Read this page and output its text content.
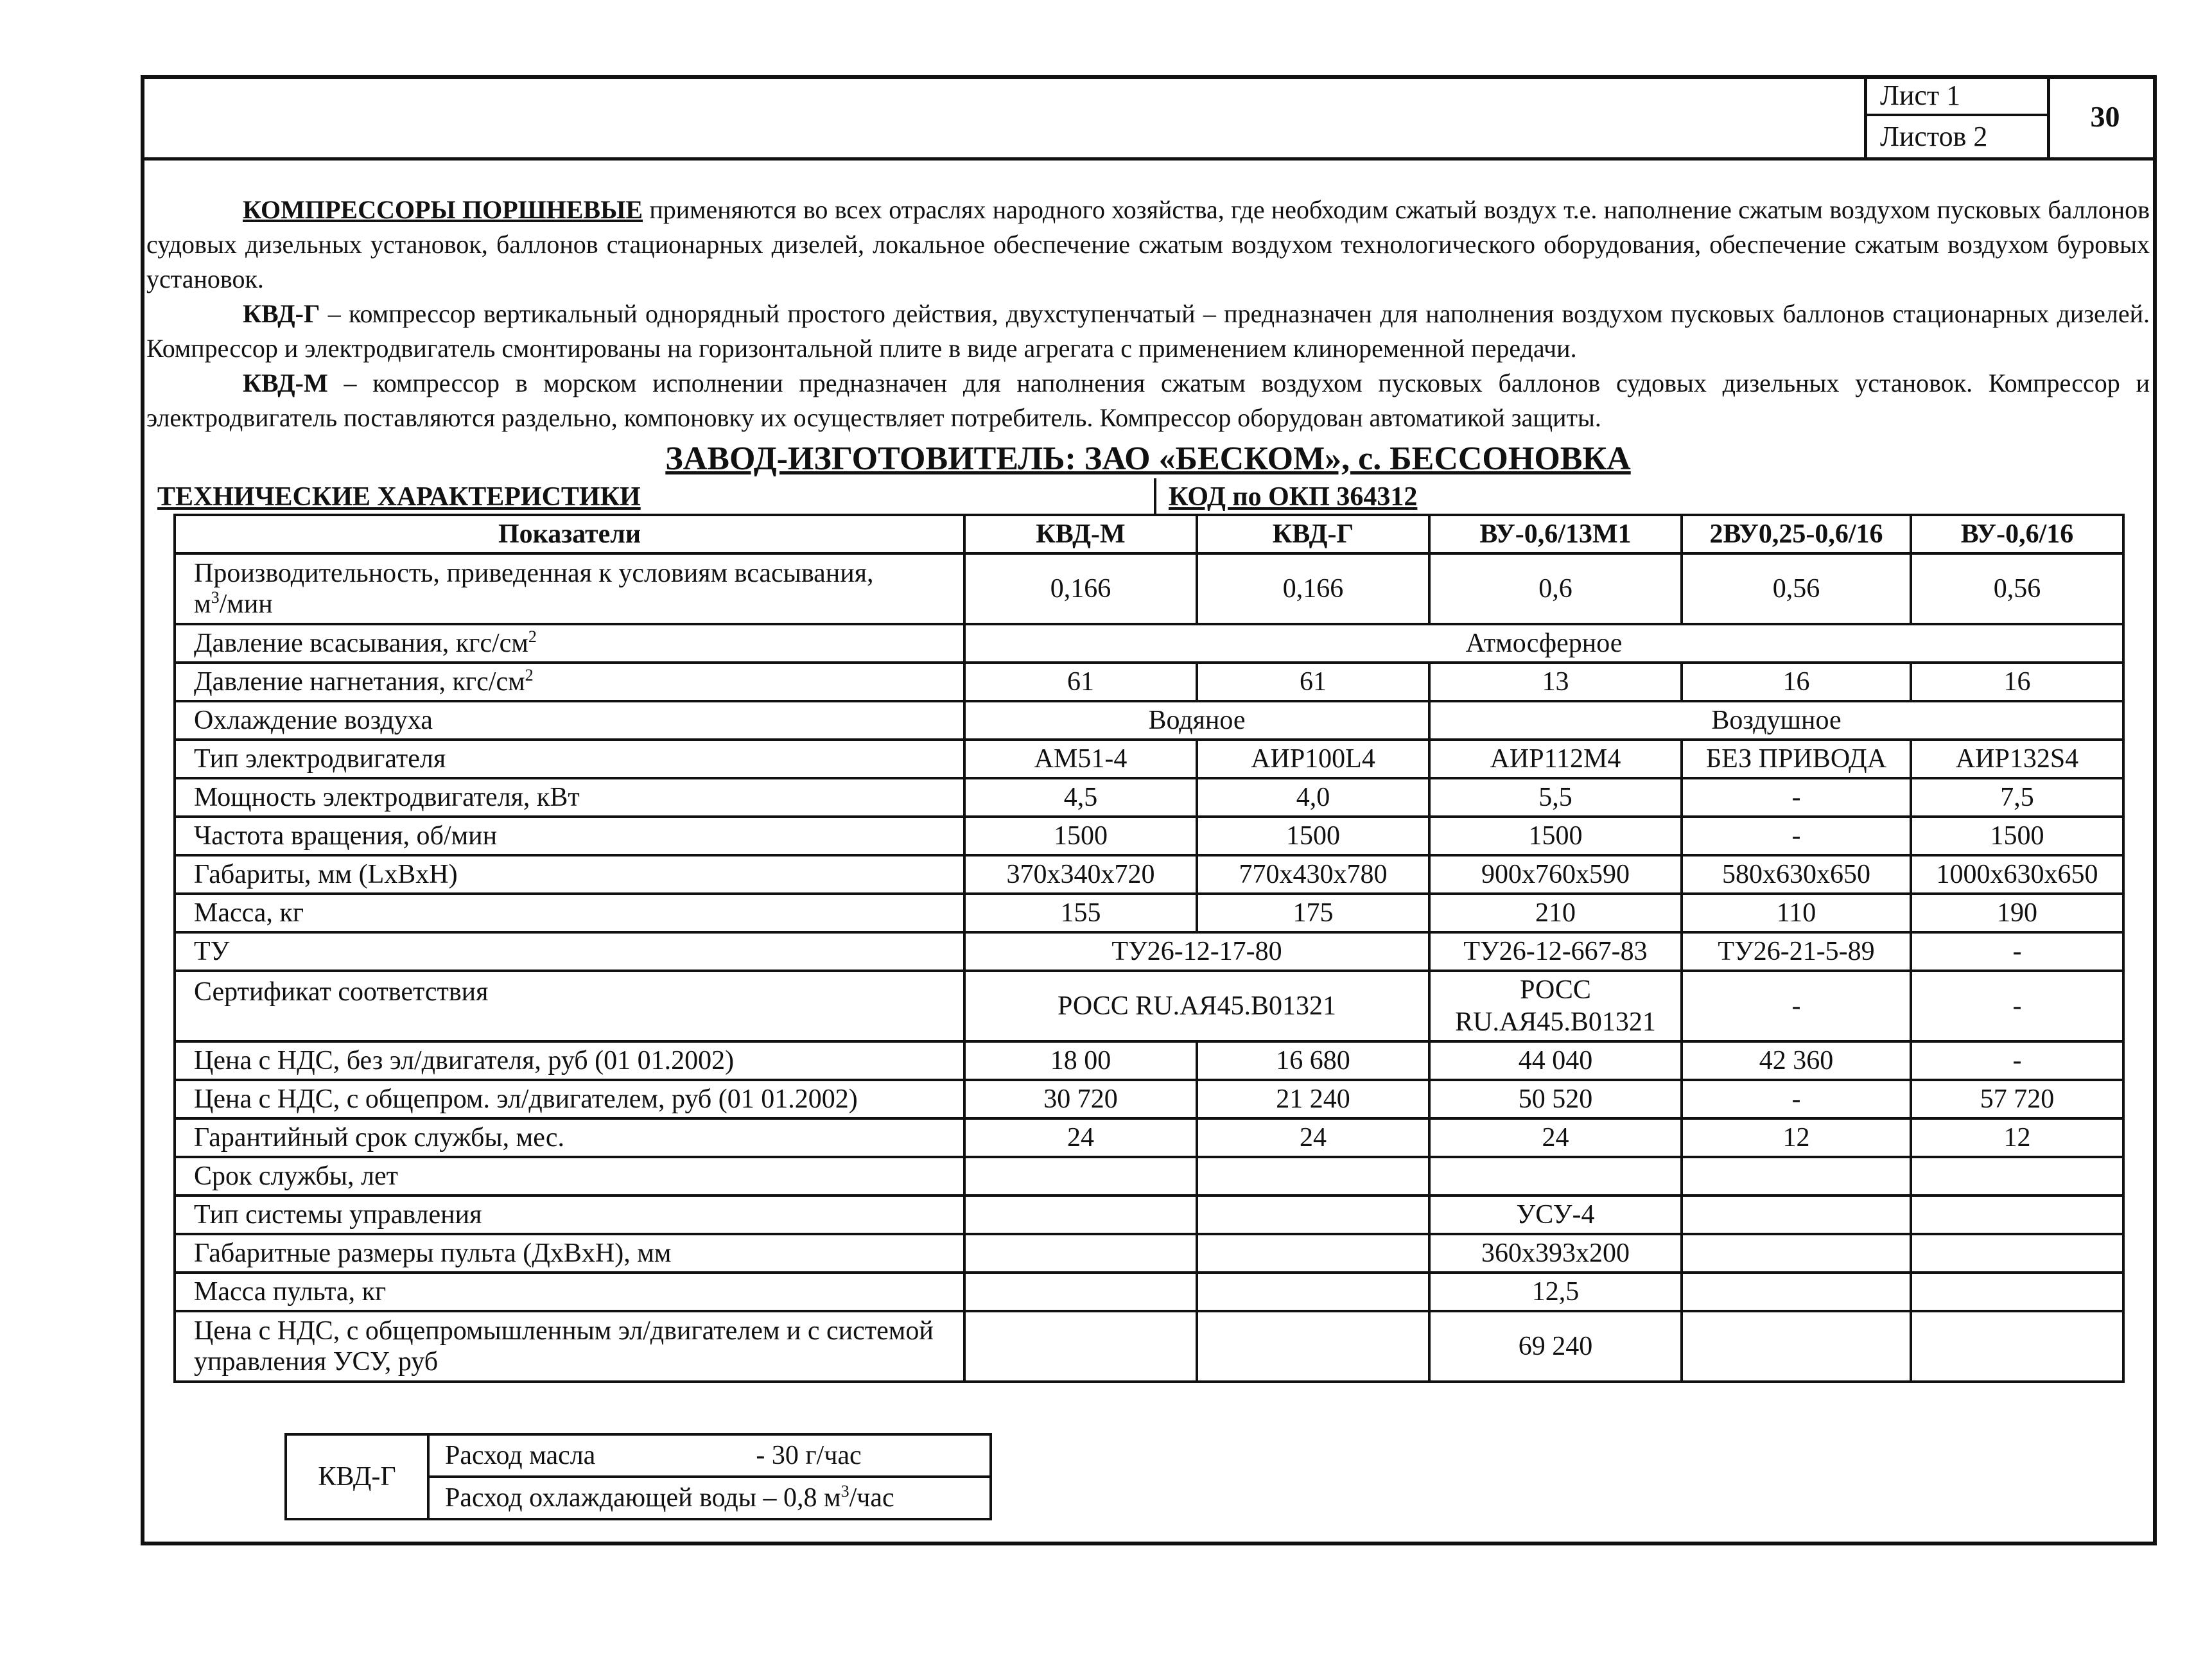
Лист 1
Листов 2
30

КОМПРЕССОРЫ ПОРШНЕВЫЕ применяются во всех отраслях народного хозяйства, где необходим сжатый воздух т.е. наполнение сжатым воздухом пусковых баллонов судовых дизельных установок, баллонов стационарных дизелей, локальное обеспечение сжатым воздухом технологического оборудования, обеспечение сжатым воздухом буровых установок.

КВД-Г – компрессор вертикальный однорядный простого действия, двухступенчатый – предназначен для наполнения воздухом пусковых баллонов стационарных дизелей. Компрессор и электродвигатель смонтированы на горизонтальной плите в виде агрегата с применением клиноременной передачи.

КВД-М – компрессор в морском исполнении предназначен для наполнения сжатым воздухом пусковых баллонов судовых дизельных установок. Компрессор и электродвигатель поставляются раздельно, компоновку их осуществляет потребитель. Компрессор оборудован автоматикой защиты.

ЗАВОД-ИЗГОТОВИТЕЛЬ: ЗАО «БЕСКОМ», с. БЕССОНОВКА
ТЕХНИЧЕСКИЕ ХАРАКТЕРИСТИКИ	КОД по ОКП 364312
Показатели	КВД-М	КВД-Г	ВУ-0,6/13М1	2ВУ0,25-0,6/16	ВУ-0,6/16
Производительность, приведенная к условиям всасывания,
$м^3$/мин	0,166	0,166	0,6	0,56	0,56
Давление всасывания, кгс/$см^2$	Атмосферное				
Давление нагнетания, кгс/$см^2$	61	61	13	16	16
Охлаждение воздуха	Водяное		Воздушное		
Тип электродвигателя	АМ51-4	АИР100L4	АИР112М4	БЕЗ ПРИВОДА	АИР132S4
Мощность электродвигателя, кВт	4,5	4,0	5,5	-	7,5
Частота вращения, об/мин	1500	1500	1500	-	1500
Габариты, мм (LxBxH)	370x340x720	770x430x780	900x760x590	580x630x650	1000x630x650
Масса, кг	155	175	210	110	190
ТУ	ТУ26-12-17-80		ТУ26-12-667-83	ТУ26-21-5-89	-
Сертификат соответствия	РОСС RU.АЯ45.В01321		РОСС
RU.АЯ45.В01321	-	-
Цена с НДС, без эл/двигателя, руб (01 01.2002)	18 00	16 680	44 040	42 360	-
Цена с НДС, с общепром. эл/двигателем, руб (01 01.2002)	30 720	21 240	50 520	-	57 720
Гарантийный срок службы, мес.	24	24	24	12	12
Срок службы, лет					
Тип системы управления			УСУ-4		
Габаритные размеры пульта (ДxВxН), мм			360x393x200		
Масса пульта, кг			12,5		
Цена с НДС, с общепромышленным эл/двигателем и с системой управления УСУ, руб			69 240		
КВД-Г	Расход масла	- 30 г/час
Расход охлаждающей воды – 0,8 $м^3$/час
